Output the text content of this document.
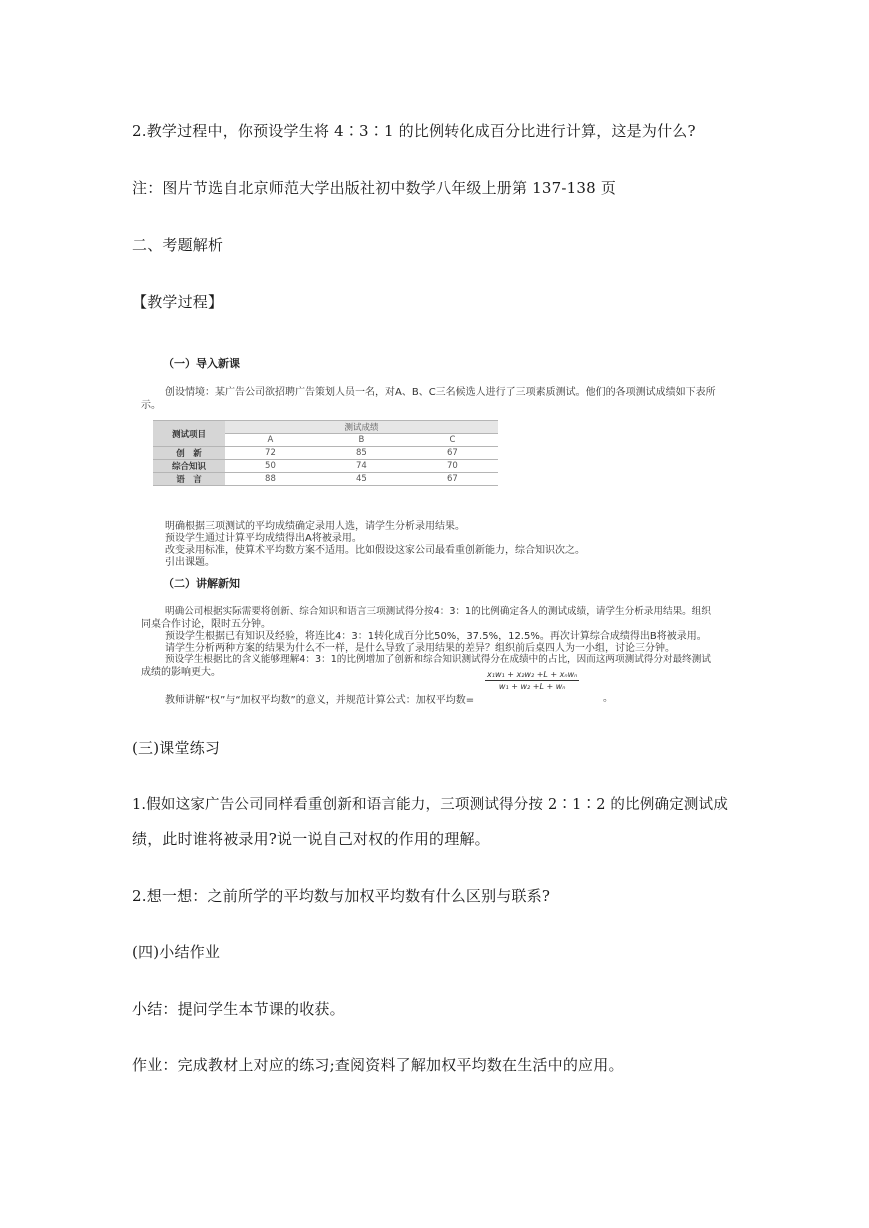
2.教学过程中，你预设学生将 4∶3∶1 的比例转化成百分比进行计算，这是为什么?
注：图片节选自北京师范大学出版社初中数学八年级上册第 137-138 页
二、考题解析
【教学过程】
（一）导入新课
创设情境：某广告公司欲招聘广告策划人员一名，对A、B、C三名候选人进行了三项素质测试。他们的各项测试成绩如下表所
示。
测试项目	测试成绩		
	A	B	C
创　新	72	85	67
综合知识	50	74	70
语　言	88	45	67
明确根据三项测试的平均成绩确定录用人选，请学生分析录用结果。
预设学生通过计算平均成绩得出A将被录用。
改变录用标准，使算术平均数方案不适用。比如假设这家公司最看重创新能力，综合知识次之。
引出课题。
（二）讲解新知
明确公司根据实际需要将创新、综合知识和语言三项测试得分按4：3：1的比例确定各人的测试成绩，请学生分析录用结果。组织
同桌合作讨论，限时五分钟。
预设学生根据已有知识及经验，将连比4：3：1转化成百分比50%，37.5%，12.5%。再次计算综合成绩得出B将被录用。
请学生分析两种方案的结果为什么不一样，是什么导致了录用结果的差异？组织前后桌四人为一小组，讨论三分钟。
预设学生根据比的含义能够理解4：3：1的比例增加了创新和综合知识测试得分在成绩中的占比，因而这两项测试得分对最终测试
成绩的影响更大。
教师讲解“权”与“加权平均数”的意义，并规范计算公式：加权平均数=
x₁w₁ + x₂w₂ +L + xₙwₙ
w₁ + w₂ +L + wₙ
。
(三)课堂练习
1.假如这家广告公司同样看重创新和语言能力，三项测试得分按 2∶1∶2 的比例确定测试成
绩，此时谁将被录用?说一说自己对权的作用的理解。
2.想一想：之前所学的平均数与加权平均数有什么区别与联系?
(四)小结作业
小结：提问学生本节课的收获。
作业：完成教材上对应的练习;查阅资料了解加权平均数在生活中的应用。
